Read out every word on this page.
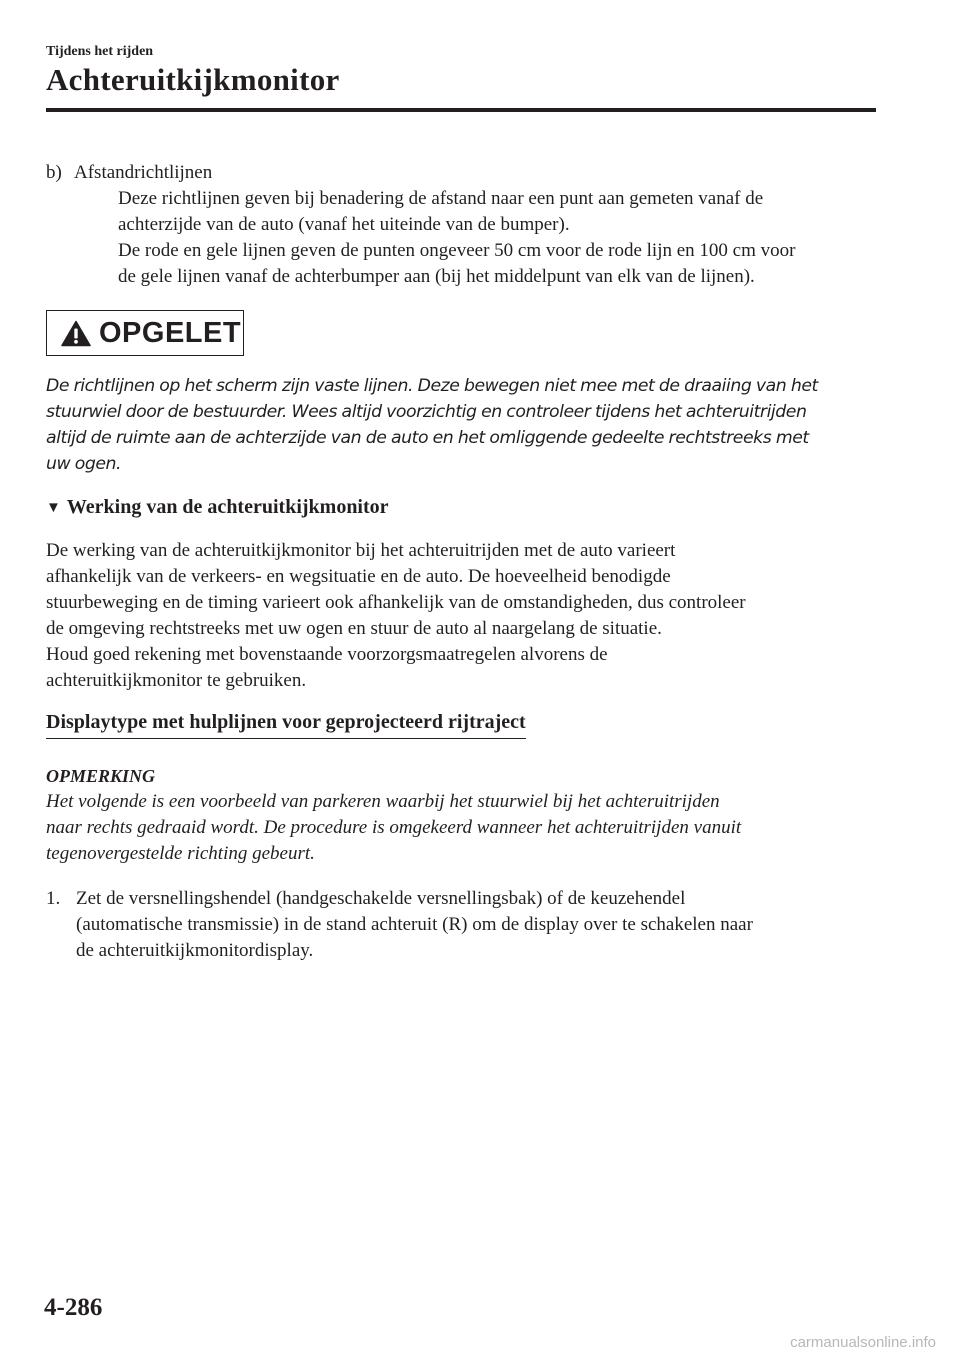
Tijdens het rijden
Achteruitkijkmonitor
b) Afstandrichtlijnen

Deze richtlijnen geven bij benadering de afstand naar een punt aan gemeten vanaf de

achterzijde van de auto (vanaf het uiteinde van de bumper).

De rode en gele lijnen geven de punten ongeveer 50 cm voor de rode lijn en 100 cm voor

de gele lijnen vanaf de achterbumper aan (bij het middelpunt van elk van de lijnen).

OPGELET
De richtlijnen op het scherm zijn vaste lijnen. Deze bewegen niet mee met de draaiing van het
stuurwiel door de bestuurder. Wees altijd voorzichtig en controleer tijdens het achteruitrijden
altijd de ruimte aan de achterzijde van de auto en het omliggende gedeelte rechtstreeks met
uw ogen.
▼ Werking van de achteruitkijkmonitor

De werking van de achteruitkijkmonitor bij het achteruitrijden met de auto varieert

afhankelijk van de verkeers- en wegsituatie en de auto. De hoeveelheid benodigde

stuurbeweging en de timing varieert ook afhankelijk van de omstandigheden, dus controleer

de omgeving rechtstreeks met uw ogen en stuur de auto al naargelang de situatie.

Houd goed rekening met bovenstaande voorzorgsmaatregelen alvorens de

achteruitkijkmonitor te gebruiken.

Displaytype met hulplijnen voor geprojecteerd rijtraject
OPMERKING

Het volgende is een voorbeeld van parkeren waarbij het stuurwiel bij het achteruitrijden

naar rechts gedraaid wordt. De procedure is omgekeerd wanneer het achteruitrijden vanuit

tegenovergestelde richting gebeurt.

1. Zet de versnellingshendel (handgeschakelde versnellingsbak) of de keuzehendel

(automatische transmissie) in de stand achteruit (R) om de display over te schakelen naar

de achteruitkijkmonitordisplay.

4-286
carmanualsonline.info
